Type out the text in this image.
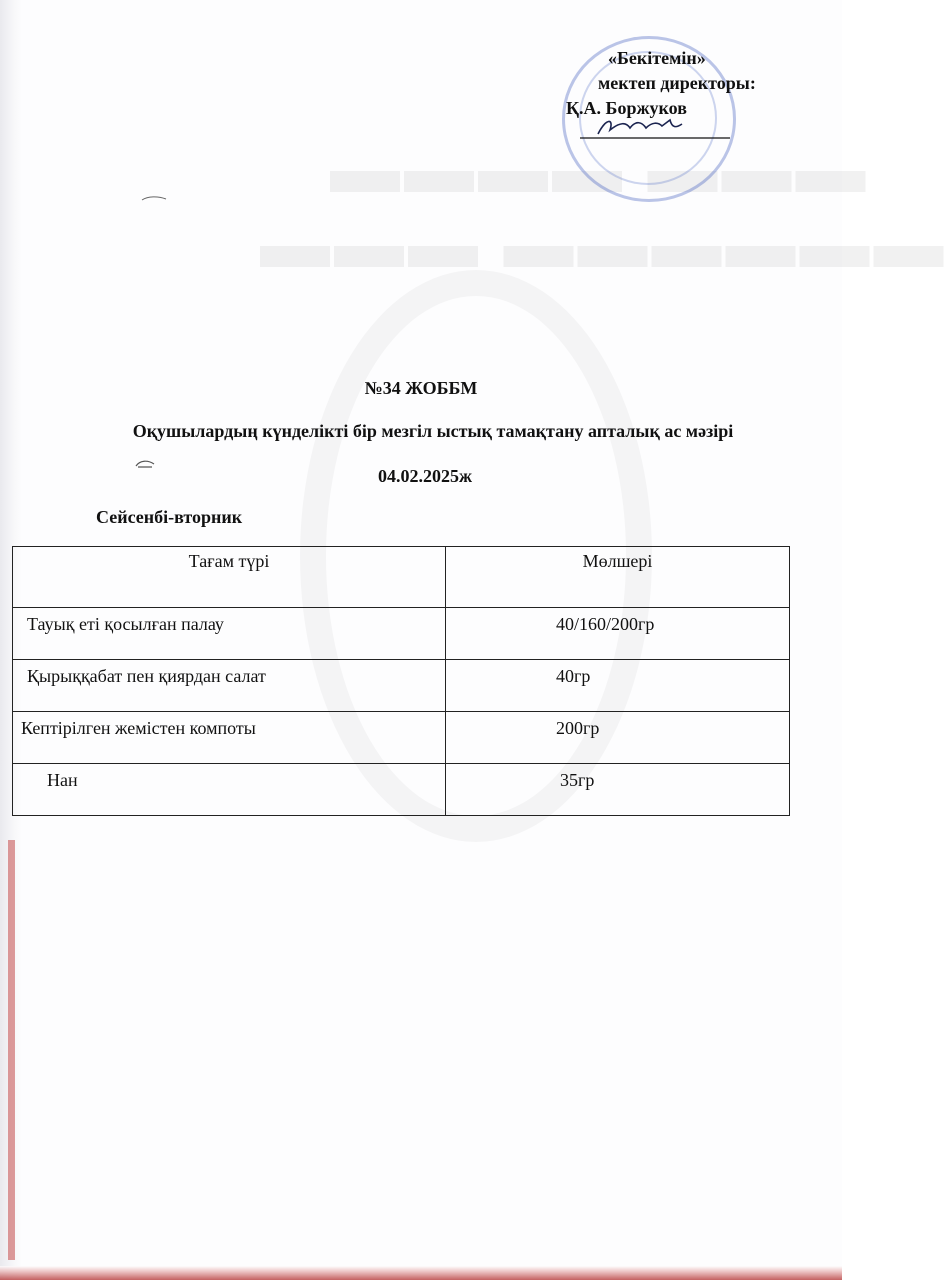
▬▬▬▬ ▬▬▬
▬▬▬ ▬▬▬▬▬▬
«Бекітемін»
мектеп директоры:
Қ.А. Боржуков
№34 ЖОББМ
Оқушылардың күнделікті бір мезгіл ыстық тамақтану апталық ас мәзірі
04.02.2025ж
Сейсенбі-вторник
Тағам түрі	Мөлшері
Тауық еті қосылған палау	40/160/200гр
Қырыққабат пен қиярдан салат	40гр
Кептірілген жемістен компоты	200гр
Нан	35гр
